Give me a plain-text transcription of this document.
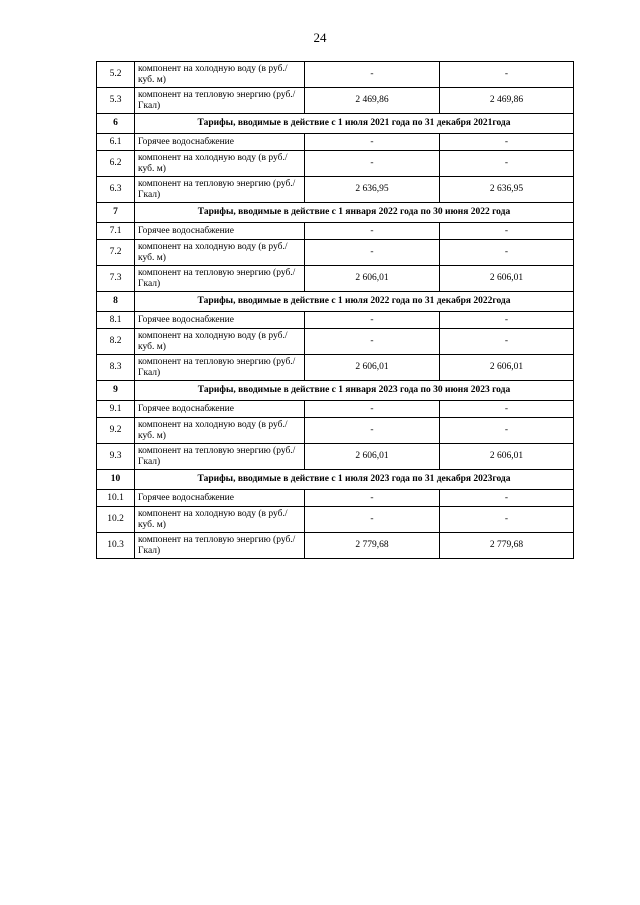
24
5.2	компонент на холодную воду (в руб./куб. м)	-	-
5.3	компонент на тепловую энергию (руб./Гкал)	2 469,86	2 469,86
6	Тарифы, вводимые в действие с 1 июля 2021 года по 31 декабря 2021года		
6.1	Горячее водоснабжение	-	-
6.2	компонент на холодную воду (в руб./куб. м)	-	-
6.3	компонент на тепловую энергию (руб./Гкал)	2 636,95	2 636,95
7	Тарифы, вводимые в действие с 1 января 2022 года по 30 июня 2022 года		
7.1	Горячее водоснабжение	-	-
7.2	компонент на холодную воду (в руб./куб. м)	-	-
7.3	компонент на тепловую энергию (руб./Гкал)	2 606,01	2 606,01
8	Тарифы, вводимые в действие с 1 июля 2022 года по 31 декабря 2022года		
8.1	Горячее водоснабжение	-	-
8.2	компонент на холодную воду (в руб./куб. м)	-	-
8.3	компонент на тепловую энергию (руб./Гкал)	2 606,01	2 606,01
9	Тарифы, вводимые в действие с 1 января 2023 года по 30 июня 2023 года		
9.1	Горячее водоснабжение	-	-
9.2	компонент на холодную воду (в руб./куб. м)	-	-
9.3	компонент на тепловую энергию (руб./Гкал)	2 606,01	2 606,01
10	Тарифы, вводимые в действие с 1 июля 2023 года по 31 декабря 2023года		
10.1	Горячее водоснабжение	-	-
10.2	компонент на холодную воду (в руб./куб. м)	-	-
10.3	компонент на тепловую энергию (руб./Гкал)	2 779,68	2 779,68
